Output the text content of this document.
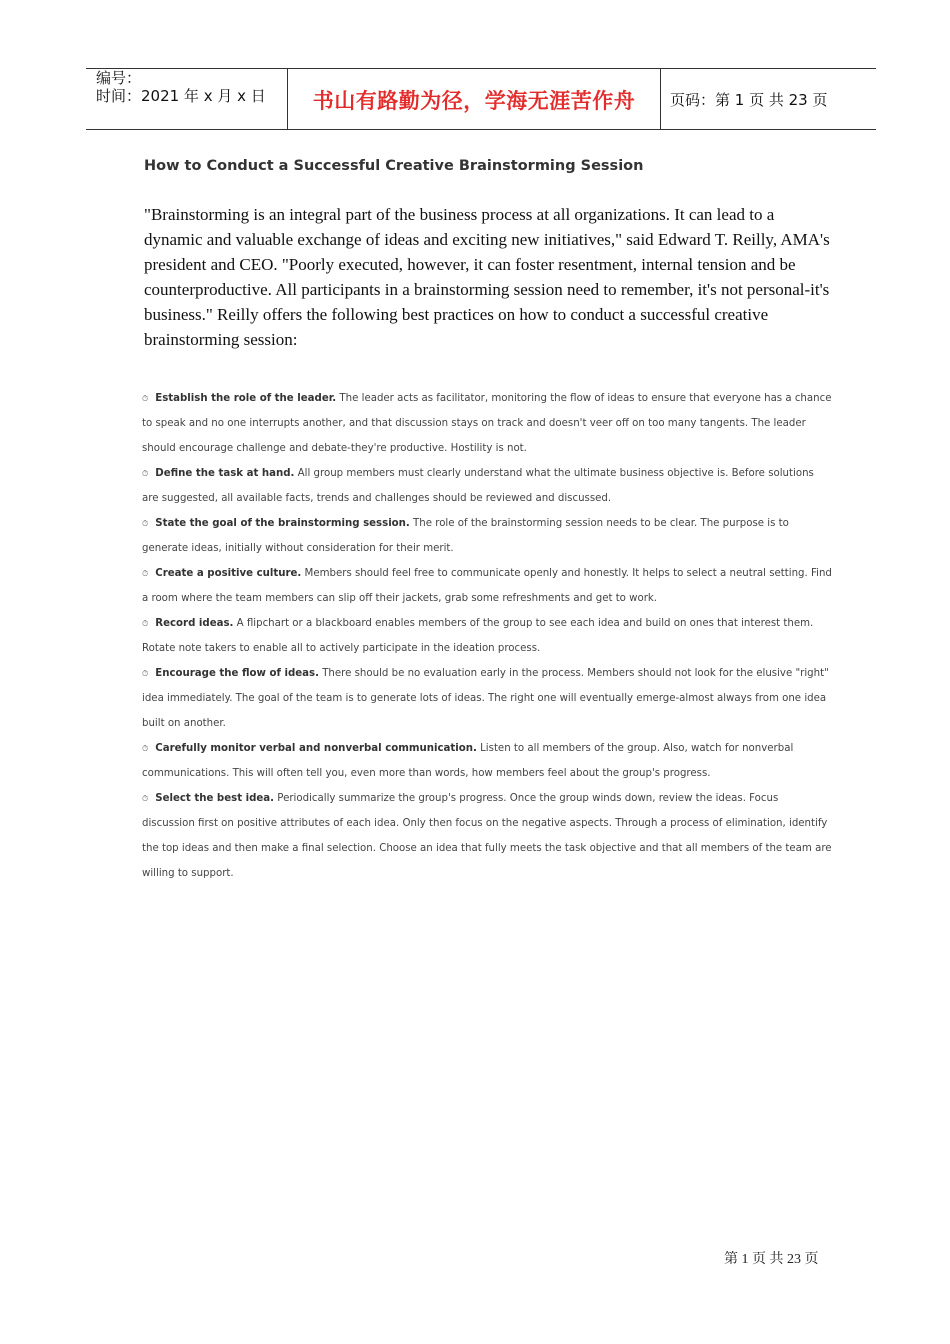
编号：
时间：2021 年 x 月 x 日	书山有路勤为径，学海无涯苦作舟	页码：第 1 页 共 23 页
How to Conduct a Successful Creative Brainstorming Session

"Brainstorming is an integral part of the business process at all organizations. It can lead to a dynamic and valuable exchange of ideas and exciting new initiatives," said Edward T. Reilly, AMA's president and CEO. "Poorly executed, however, it can foster resentment, internal tension and be counterproductive. All participants in a brainstorming session need to remember, it's not personal-it's business." Reilly offers the following best practices on how to conduct a successful creative brainstorming session:

⏱ Establish the role of the leader. The leader acts as facilitator, monitoring the flow of ideas to ensure that everyone has a chance to speak and no one interrupts another, and that discussion stays on track and doesn't veer off on too many tangents. The leader should encourage challenge and debate-they're productive. Hostility is not.
⏱ Define the task at hand. All group members must clearly understand what the ultimate business objective is. Before solutions are suggested, all available facts, trends and challenges should be reviewed and discussed.
⏱ State the goal of the brainstorming session. The role of the brainstorming session needs to be clear. The purpose is to generate ideas, initially without consideration for their merit.
⏱ Create a positive culture. Members should feel free to communicate openly and honestly. It helps to select a neutral setting. Find a room where the team members can slip off their jackets, grab some refreshments and get to work.
⏱ Record ideas. A flipchart or a blackboard enables members of the group to see each idea and build on ones that interest them. Rotate note takers to enable all to actively participate in the ideation process.
⏱ Encourage the flow of ideas. There should be no evaluation early in the process. Members should not look for the elusive "right" idea immediately. The goal of the team is to generate lots of ideas. The right one will eventually emerge-almost always from one idea built on another.
⏱ Carefully monitor verbal and nonverbal communication. Listen to all members of the group. Also, watch for nonverbal communications. This will often tell you, even more than words, how members feel about the group's progress.
⏱ Select the best idea. Periodically summarize the group's progress. Once the group winds down, review the ideas. Focus discussion first on positive attributes of each idea. Only then focus on the negative aspects. Through a process of elimination, identify the top ideas and then make a final selection. Choose an idea that fully meets the task objective and that all members of the team are willing to support.
第 1 页 共 23 页
